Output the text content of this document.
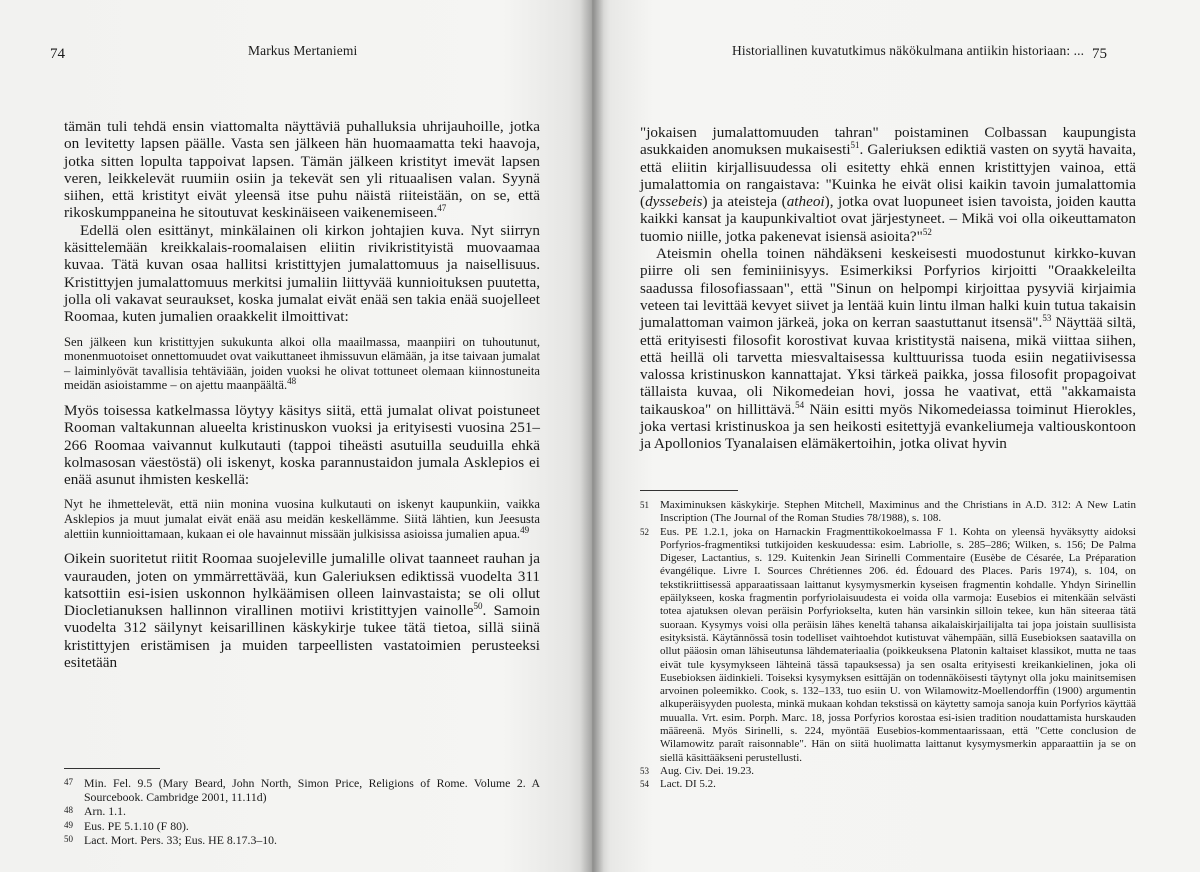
74	Markus Mertaniemi

tämän tuli tehdä ensin viattomalta näyttäviä puhalluksia uhrijauhoille, jotka on levitetty lapsen päälle. Vasta sen jälkeen hän huomaamatta teki haavoja, jotka sitten lopulta tappoivat lapsen. Tämän jälkeen kristityt imevät lapsen veren, leikkelevät ruumiin osiin ja tekevät sen yli rituaalisen valan. Syynä siihen, että kristityt eivät yleensä itse puhu näistä riiteistään, on se, että rikoskumppaneina he sitoutuvat keskinäiseen vaikenemiseen.$^{47}$

Edellä olen esittänyt, minkälainen oli kirkon johtajien kuva. Nyt siirryn käsittelemään kreikkalais-roomalaisen eliitin rivikristityistä muovaamaa kuvaa. Tätä kuvan osaa hallitsi kristittyjen jumalattomuus ja naisellisuus. Kristittyjen jumalattomuus merkitsi jumaliin liittyvää kunnioituksen puutetta, jolla oli vakavat seuraukset, koska jumalat eivät enää sen takia enää suojelleet Roomaa, kuten jumalien oraakkelit ilmoittivat:

Sen jälkeen kun kristittyjen sukukunta alkoi olla maailmassa, maanpiiri on tuhoutunut, monenmuotoiset onnettomuudet ovat vaikuttaneet ihmissuvun elämään, ja itse taivaan jumalat – laiminlyövät tavallisia tehtäviään, joiden vuoksi he olivat tottuneet olemaan kiinnostuneita meidän asioistamme – on ajettu maanpäältä.$^{48}$

Myös toisessa katkelmassa löytyy käsitys siitä, että jumalat olivat poistuneet Rooman valtakunnan alueelta kristinuskon vuoksi ja erityisesti vuosina 251–266 Roomaa vaivannut kulkutauti (tappoi tiheästi asutuilla seuduilla ehkä kolmasosan väestöstä) oli iskenyt, koska parannustaidon jumala Asklepios ei enää asunut ihmisten keskellä:

Nyt he ihmettelevät, että niin monina vuosina kulkutauti on iskenyt kaupunkiin, vaikka Asklepios ja muut jumalat eivät enää asu meidän keskellämme. Siitä lähtien, kun Jeesusta alettiin kunnioittamaan, kukaan ei ole havainnut missään julkisissa asioissa jumalien apua.$^{49}$

Oikein suoritetut riitit Roomaa suojeleville jumalille olivat taanneet rauhan ja vaurauden, joten on ymmärrettävää, kun Galeriuksen ediktissä vuodelta 311 katsottiin esi-isien uskonnon hylkäämisen olleen lainvastaista; se oli ollut Diocletianuksen hallinnon virallinen motiivi kristittyjen vainolle$^{50}$. Samoin vuodelta 312 säilynyt keisarillinen käskykirje tukee tätä tietoa, sillä siinä kristittyjen eristämisen ja muiden tarpeellisten vastatoimien perusteeksi esitetään

47 Min. Fel. 9.5 (Mary Beard, John North, Simon Price, Religions of Rome. Volume 2. A Sourcebook. Cambridge 2001, 11.11d)
48 Arn. 1.1.
49 Eus. PE 5.1.10 (F 80).
50 Lact. Mort. Pers. 33; Eus. HE 8.17.3–10.
Historiallinen kuvatutkimus näkökulmana antiikin historiaan: ... 75

"jokaisen jumalattomuuden tahran" poistaminen Colbassan kaupungista asukkaiden anomuksen mukaisesti$^{51}$. Galeriuksen ediktiä vasten on syytä havaita, että eliitin kirjallisuudessa oli esitetty ehkä ennen kristittyjen vainoa, että jumalattomia on rangaistava: "Kuinka he eivät olisi kaikin tavoin jumalattomia (dyssebeis) ja ateisteja (atheoi), jotka ovat luopuneet isien tavoista, joiden kautta kaikki kansat ja kaupunkivaltiot ovat järjestyneet. – Mikä voi olla oikeuttamaton tuomio niille, jotka pakenevat isiensä asioita?"$^{52}$

Ateismin ohella toinen nähdäkseni keskeisesti muodostunut kirkko-kuvan piirre oli sen feminiinisyys. Esimerkiksi Porfyrios kirjoitti "Oraakkeleilta saadussa filosofiassaan", että "Sinun on helpompi kirjoittaa pysyviä kirjaimia veteen tai levittää kevyet siivet ja lentää kuin lintu ilman halki kuin tutua takaisin jumalattoman vaimon järkeä, joka on kerran saastuttanut itsensä".$^{53}$ Näyttää siltä, että erityisesti filosofit korostivat kuvaa kristitystä naisena, mikä viittaa siihen, että heillä oli tarvetta miesvaltaisessa kulttuurissa tuoda esiin negatiivisessa valossa kristinuskon kannattajat. Yksi tärkeä paikka, jossa filosofit propagoivat tällaista kuvaa, oli Nikomedeian hovi, jossa he vaativat, että "akkamaista taikauskoa" on hillittävä.$^{54}$ Näin esitti myös Nikomedeiassa toiminut Hierokles, joka vertasi kristinuskoa ja sen heikosti esitettyjä evankeliumeja valtiouskontoon ja Apollonios Tyanalaisen elämäkertoihin, jotka olivat hyvin

51	Maximinuksen käskykirje. Stephen Mitchell, Maximinus and the Christians in A.D. 312: A New Latin Inscription (The Journal of the Roman Studies 78/1988), s. 108.
52	Eus. PE 1.2.1, joka on Harnackin Fragmenttikokoelmassa F 1. Kohta on yleensä hyväksytty aidoksi Porfyrios-fragmentiksi tutkijoiden keskuudessa: esim. Labriolle, s. 285–286; Wilken, s. 156; De Palma Digeser, Lactantius, s. 129. Kuitenkin Jean Sirinelli Commentaire (Eusèbe de Césarée, La Préparation évangélique. Livre I. Sources Chrétiennes 206. éd. Édouard des Places. Paris 1974), s. 104, on tekstikriittisessä apparaatissaan laittanut kysymysmerkin kyseisen fragmentin kohdalle. Yhdyn Sirinellin epäilykseen, koska fragmentin porfyriolaisuudesta ei voida olla varmoja: Eusebios ei mitenkään selvästi totea ajatuksen olevan peräisin Porfyriokselta, kuten hän varsinkin silloin tekee, kun hän siteeraa tätä suoraan. Kysymys voisi olla peräisin lähes keneltä tahansa aikalaiskirjailijalta tai jopa joistain suullisista esityksistä. Käytännössä tosin todelliset vaihtoehdot kutistuvat vähempään, sillä Eusebioksen saatavilla on ollut pääosin oman lähiseutunsa lähdemateriaalia (poikkeuksena Platonin kaltaiset klassikot, mutta ne taas eivät tule kysymykseen lähteinä tässä tapauksessa) ja sen osalta erityisesti kreikankielinen, joka oli Eusebioksen äidinkieli. Toiseksi kysymyksen esittäjän on todennäköisesti täytynyt olla joku mainitsemisen arvoinen poleemikko. Cook, s. 132–133, tuo esiin U. von Wilamowitz-Moellendorffin (1900) argumentin alkuperäisyyden puolesta, minkä mukaan kohdan tekstissä on käytetty samoja sanoja kuin Porfyrios käyttää muualla. Vrt. esim. Porph. Marc. 18, jossa Porfyrios korostaa esi-isien tradition noudattamista hurskauden määreenä. Myös Sirinelli, s. 224, myöntää Eusebios-kommentaarissaan, että "Cette conclusion de Wilamowitz paraît raisonnable". Hän on siitä huolimatta laittanut kysymysmerkin apparaattiin ja se on siellä käsittääkseni perustellusti.
53	Aug. Civ. Dei. 19.23.
54	Lact. DI 5.2.
